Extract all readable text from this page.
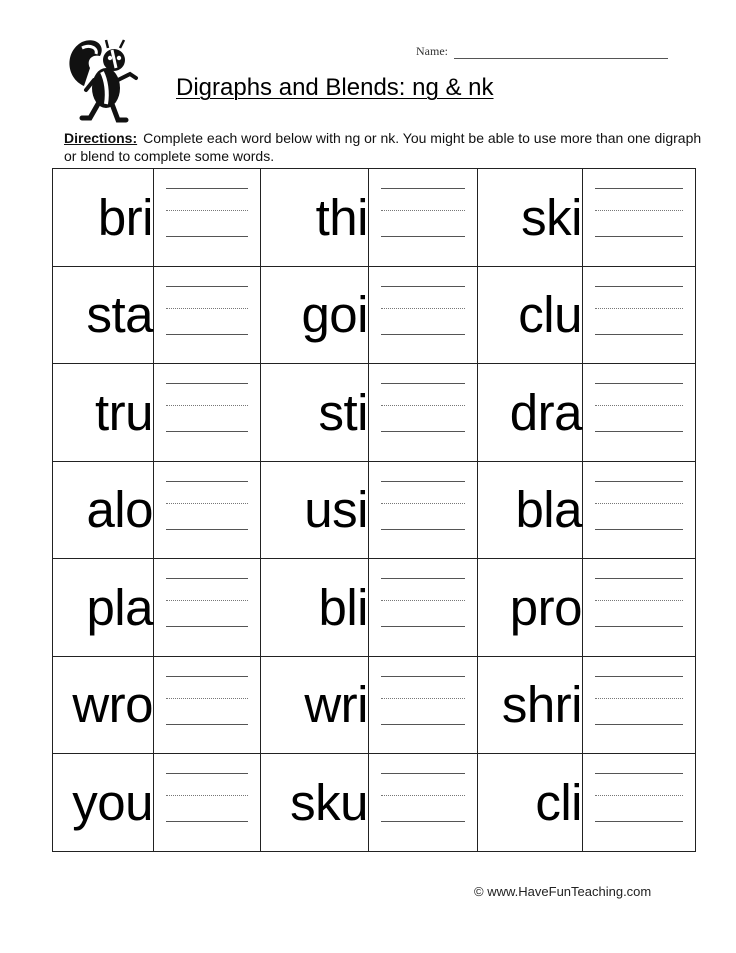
Name:
Digraphs and Blends: ng & nk
Directions: Complete each word below with ng or nk. You might be able to use more than one digraph or blend to complete some words.
bri		thi		ski	

sta		goi		clu	

tru		sti		dra	

alo		usi		bla	

pla		bli		pro	

wro		wri		shri	

you		sku		cli	
© www.HaveFunTeaching.com
